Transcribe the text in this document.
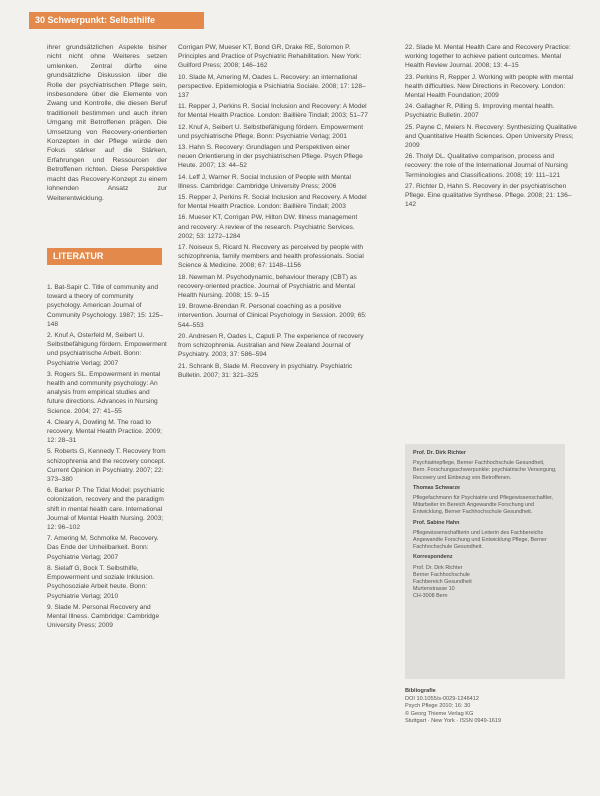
30 Schwerpunkt: Selbsthilfe

ihrer grundsätzlichen Aspekte bisher nicht nicht ohne Weiteres setzen umlenken. Zentral dürfte eine grundsätzliche Diskussion über die Rolle der psychiatrischen Pflege sein, insbesondere über die Elemente von Zwang und Kontrolle, die diesen Beruf traditionell bestimmen und auch ihren Umgang mit Betroffenen prägen. Die Umsetzung von Recovery-orientierten Konzepten in der Pflege würde den Fokus stärker auf die Stärken, Erfahrungen und Ressourcen der Betroffenen richten. Diese Perspektive macht das Recovery-Konzept zu einem lohnenden Ansatz zur Weiterentwicklung.

LITERATUR

1. Bat-Sapir C. Title of community and toward a theory of community psychology. American Journal of Community Psychology. 1987; 15: 125–148

2. Knuf A, Osterfeld M, Seibert U. Selbstbefähigung fördern. Empowerment und psychiatrische Arbeit. Bonn: Psychiatrie Verlag; 2007

3. Rogers SL. Empowerment in mental health and community psychology: An analysis from empirical studies and future directions. Advances in Nursing Science. 2004; 27: 41–55

4. Cleary A, Dowling M. The road to recovery. Mental Health Practice. 2009; 12: 28–31

5. Roberts G, Kennedy T. Recovery from schizophrenia and the recovery concept. Current Opinion in Psychiatry. 2007; 22: 373–380

6. Barker P. The Tidal Model: psychiatric colonization, recovery and the paradigm shift in mental health care. International Journal of Mental Health Nursing. 2003; 12: 96–102

7. Amering M, Schmolke M. Recovery. Das Ende der Unheilbarkeit. Bonn: Psychiatrie Verlag; 2007

8. Sielaff G, Bock T. Selbsthilfe, Empowerment und soziale Inklusion. Psychosoziale Arbeit heute. Bonn: Psychiatrie Verlag; 2010

9. Slade M. Personal Recovery and Mental Illness. Cambridge: Cambridge University Press; 2009

Corrigan PW, Mueser KT, Bond GR, Drake RE, Solomon P. Principles and Practice of Psychiatric Rehabilitation. New York: Guilford Press; 2008; 146–162

10. Slade M, Amering M, Oades L. Recovery: an international perspective. Epidemiologia e Psichiatria Sociale. 2008; 17: 128–137

11. Repper J, Perkins R. Social Inclusion and Recovery: A Model for Mental Health Practice. London: Baillière Tindall; 2003; 51–77

12. Knuf A, Seibert U. Selbstbefähigung fördern. Empowerment und psychiatrische Pflege. Bonn: Psychiatrie Verlag; 2001

13. Hahn S. Recovery: Grundlagen und Perspektiven einer neuen Orientierung in der psychiatrischen Pflege. Psych Pflege Heute. 2007; 13: 44–52

14. Leff J, Warner R. Social Inclusion of People with Mental Illness. Cambridge: Cambridge University Press; 2006

15. Repper J, Perkins R. Social Inclusion and Recovery. A Model for Mental Health Practice. London: Baillière Tindall; 2003

16. Mueser KT, Corrigan PW, Hilton DW. Illness management and recovery: A review of the research. Psychiatric Services. 2002; 53: 1272–1284

17. Noiseux S, Ricard N. Recovery as perceived by people with schizophrenia, family members and health professionals. Social Science & Medicine. 2008; 67: 1148–1156

18. Newman M. Psychodynamic, behaviour therapy (CBT) as recovery-oriented practice. Journal of Psychiatric and Mental Health Nursing. 2008; 15: 9–15

19. Browne-Brendan R. Personal coaching as a positive intervention. Journal of Clinical Psychology in Session. 2009; 65: 544–553

20. Andresen R, Oades L, Caputi P. The experience of recovery from schizophrenia. Australian and New Zealand Journal of Psychiatry. 2003; 37: 586–594

21. Schrank B, Slade M. Recovery in psychiatry. Psychiatric Bulletin. 2007; 31: 321–325

22. Slade M. Mental Health Care and Recovery Practice: working together to achieve patient outcomes. Mental Health Review Journal. 2008; 13: 4–15

23. Perkins R, Repper J. Working with people with mental health difficulties. New Directions in Recovery. London: Mental Health Foundation; 2009

24. Gallagher R, Pilling S. Improving mental health. Psychiatric Bulletin. 2007

25. Payne C, Meiers N. Recovery: Synthesizing Qualitative and Quantitative Health Sciences. Open University Press; 2009

26. Tholyl DL. Qualitative comparison, process and recovery: the role of the International Journal of Nursing Terminologies and Classifications. 2008; 19: 111–121

27. Richter D, Hahn S. Recovery in der psychiatrischen Pflege. Eine qualitative Synthese. Pflege. 2008; 21: 136–142

Prof. Dr. Dirk Richter

Psychiatriepflege, Berner Fachhochschule Gesundheit, Bern. Forschungsschwerpunkte: psychiatrische Versorgung, Recovery und Einbezug von Betroffenen.

Thomas Schwarze

Pflegefachmann für Psychiatrie und Pflegewissenschaftler, Mitarbeiter im Bereich Angewandte Forschung und Entwicklung, Berner Fachhochschule Gesundheit.

Prof. Sabine Hahn

Pflegewissenschaftlerin und Leiterin des Fachbereichs Angewandte Forschung und Entwicklung Pflege, Berner Fachhochschule Gesundheit.

Korrespondenz

Prof. Dr. Dirk Richter

Berner Fachhochschule

Fachbereich Gesundheit

Murtenstrasse 10

CH-3008 Bern

Bibliografie

DOI 10.1055/s-0029-1246412

Psych Pflege 2010; 16: 30

© Georg Thieme Verlag KG

Stuttgart · New York · ISSN 0949-1619
